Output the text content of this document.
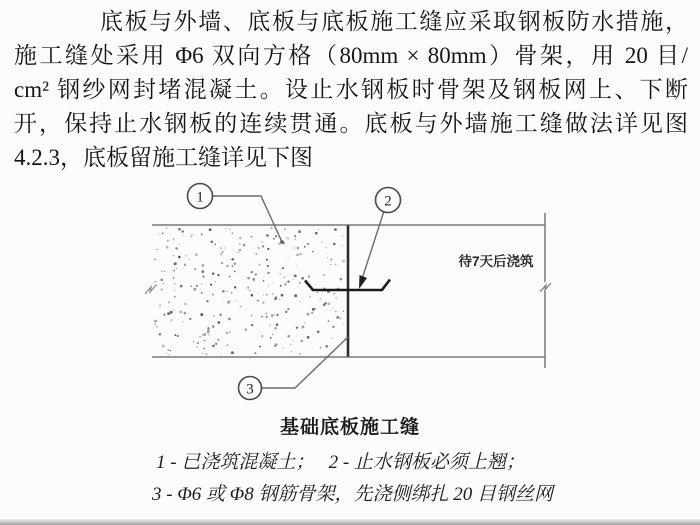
底板与外墙、底板与底板施工缝应采取钢板防水措施，
施工缝处采用 Φ6 双向方格（80mm × 80mm）骨架，用 20 目/
cm² 钢纱网封堵混凝土。设止水钢板时骨架及钢板网上、下断
开，保持止水钢板的连续贯通。底板与外墙施工缝做法详见图
4.2.3，底板留施工缝详见下图
1	2
3
待7天后浇筑
基础底板施工缝
1 - 已浇筑混凝土；   2 - 止水钢板必须上翘；
3 - Φ6 或 Φ8 钢筋骨架，先浇侧绑扎 20 目钢丝网
